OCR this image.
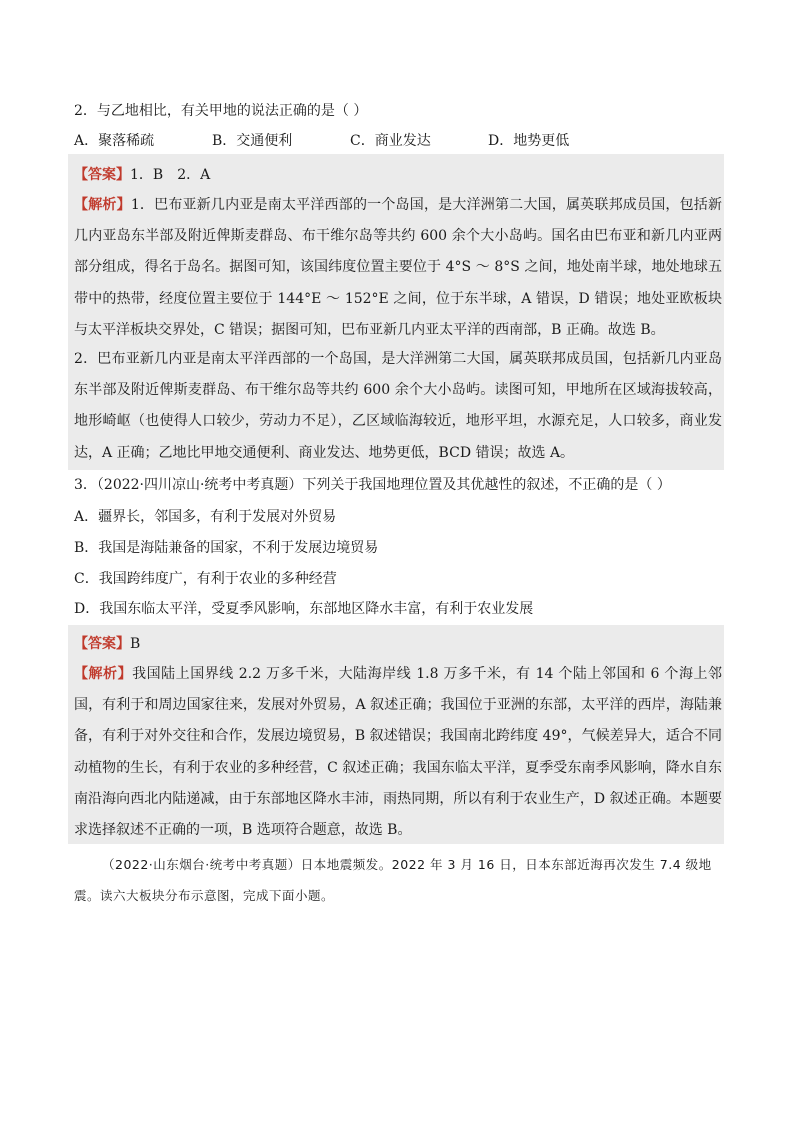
2．与乙地相比，有关甲地的说法正确的是（ ）
A．聚落稀疏	B．交通便利	C．商业发达	D．地势更低
【答案】1．B　2．A
【解析】1．巴布亚新几内亚是南太平洋西部的一个岛国，是大洋洲第二大国，属英联邦成员国，包括新几内亚岛东半部及附近俾斯麦群岛、布干维尔岛等共约 600 余个大小岛屿。国名由巴布亚和新几内亚两部分组成，得名于岛名。据图可知，该国纬度位置主要位于 4°S ～ 8°S 之间，地处南半球，地处地球五带中的热带，经度位置主要位于 144°E ～ 152°E 之间，位于东半球，A 错误，D 错误；地处亚欧板块与太平洋板块交界处，C 错误；据图可知，巴布亚新几内亚太平洋的西南部，B 正确。故选 B。
2．巴布亚新几内亚是南太平洋西部的一个岛国，是大洋洲第二大国，属英联邦成员国，包括新几内亚岛东半部及附近俾斯麦群岛、布干维尔岛等共约 600 余个大小岛屿。读图可知，甲地所在区域海拔较高，地形崎岖（也使得人口较少，劳动力不足），乙区域临海较近，地形平坦，水源充足，人口较多，商业发达，A 正确；乙地比甲地交通便利、商业发达、地势更低，BCD 错误；故选 A。
3．（2022·四川凉山·统考中考真题）下列关于我国地理位置及其优越性的叙述，不正确的是（ ）
A．疆界长，邻国多，有利于发展对外贸易
B．我国是海陆兼备的国家，不利于发展边境贸易
C．我国跨纬度广，有利于农业的多种经营
D．我国东临太平洋，受夏季风影响，东部地区降水丰富，有利于农业发展
【答案】B
【解析】我国陆上国界线 2.2 万多千米，大陆海岸线 1.8 万多千米，有 14 个陆上邻国和 6 个海上邻国，有利于和周边国家往来，发展对外贸易，A 叙述正确；我国位于亚洲的东部，太平洋的西岸，海陆兼备，有利于对外交往和合作，发展边境贸易，B 叙述错误；我国南北跨纬度 49°，气候差异大，适合不同动植物的生长，有利于农业的多种经营，C 叙述正确；我国东临太平洋，夏季受东南季风影响，降水自东南沿海向西北内陆递减，由于东部地区降水丰沛，雨热同期，所以有利于农业生产，D 叙述正确。本题要求选择叙述不正确的一项，B 选项符合题意，故选 B。
（2022·山东烟台·统考中考真题）日本地震频发。2022 年 3 月 16 日，日本东部近海再次发生 7.4 级地震。读六大板块分布示意图，完成下面小题。
